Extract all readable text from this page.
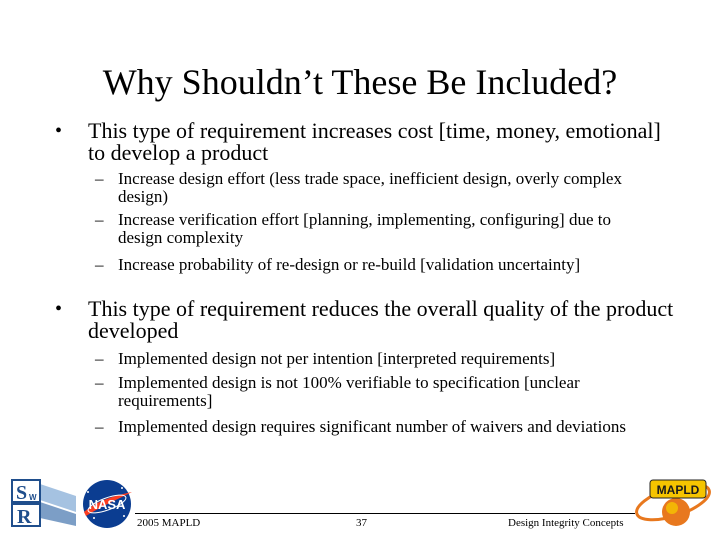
Why Shouldn’t These Be Included?
• This type of requirement increases cost [time, money, emotional] to develop a product
– Increase design effort (less trade space, inefficient design, overly complex design)
– Increase verification effort [planning, implementing, configuring] due to design complexity
– Increase probability of re-design or re-build [validation uncertainty]
• This type of requirement reduces the overall quality of the product developed
– Implemented design not per intention [interpreted requirements]
– Implemented design is not 100% verifiable to specification [unclear requirements]
– Implemented design requires significant number of waivers and deviations
2005 MAPLD	37	Design Integrity Concepts
S W
R
NASA
MAPLD
